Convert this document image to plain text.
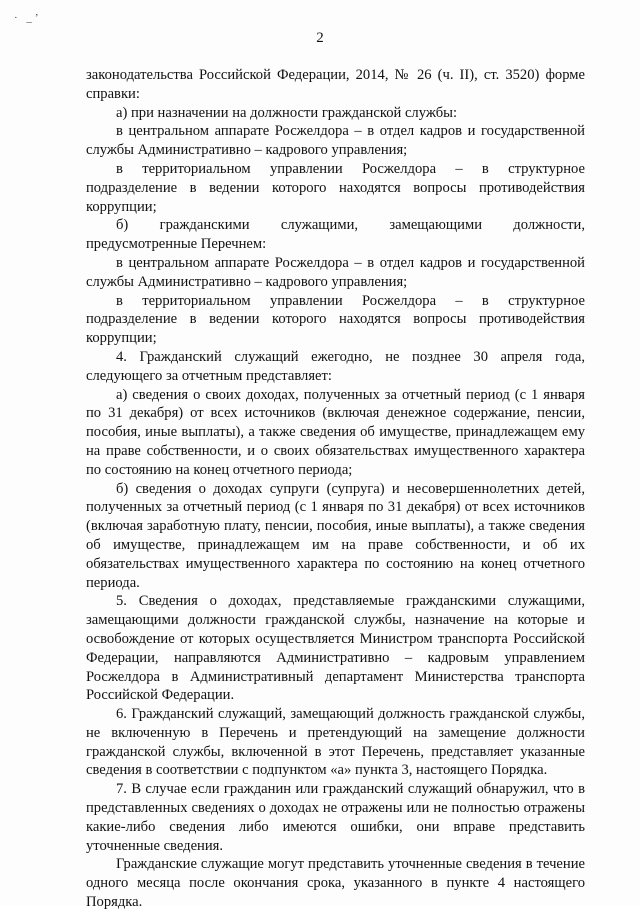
· _ʼ
2

законодательства Российской Федерации, 2014, № 26 (ч. II), ст. 3520) форме справки:

а) при назначении на должности гражданской службы:

в центральном аппарате Росжелдора – в отдел кадров и государственной службы Административно – кадрового управления;

в территориальном управлении Росжелдора – в структурное подразделение в ведении которого находятся вопросы противодействия коррупции;

б) гражданскими служащими, замещающими должности, предусмотренные Перечнем:

в центральном аппарате Росжелдора – в отдел кадров и государственной службы Административно – кадрового управления;

в территориальном управлении Росжелдора – в структурное подразделение в ведении которого находятся вопросы противодействия коррупции;

4. Гражданский служащий ежегодно, не позднее 30 апреля года, следующего за отчетным представляет:

а) сведения о своих доходах, полученных за отчетный период (с 1 января по 31 декабря) от всех источников (включая денежное содержание, пенсии, пособия, иные выплаты), а также сведения об имуществе, принадлежащем ему на праве собственности, и о своих обязательствах имущественного характера по состоянию на конец отчетного периода;

б) сведения о доходах супруги (супруга) и несовершеннолетних детей, полученных за отчетный период (с 1 января по 31 декабря) от всех источников (включая заработную плату, пенсии, пособия, иные выплаты), а также сведения об имуществе, принадлежащем им на праве собственности, и об их обязательствах имущественного характера по состоянию на конец отчетного периода.

5. Сведения о доходах, представляемые гражданскими служащими, замещающими должности гражданской службы, назначение на которые и освобождение от которых осуществляется Министром транспорта Российской Федерации, направляются Административно – кадровым управлением Росжелдора в Административный департамент Министерства транспорта Российской Федерации.

6. Гражданский служащий, замещающий должность гражданской службы, не включенную в Перечень и претендующий на замещение должности гражданской службы, включенной в этот Перечень, представляет указанные сведения в соответствии с подпунктом «а» пункта 3, настоящего Порядка.

7. В случае если гражданин или гражданский служащий обнаружил, что в представленных сведениях о доходах не отражены или не полностью отражены какие-либо сведения либо имеются ошибки, они вправе представить уточненные сведения.

Гражданские служащие могут представить уточненные сведения в течение одного месяца после окончания срока, указанного в пункте 4 настоящего Порядка.
